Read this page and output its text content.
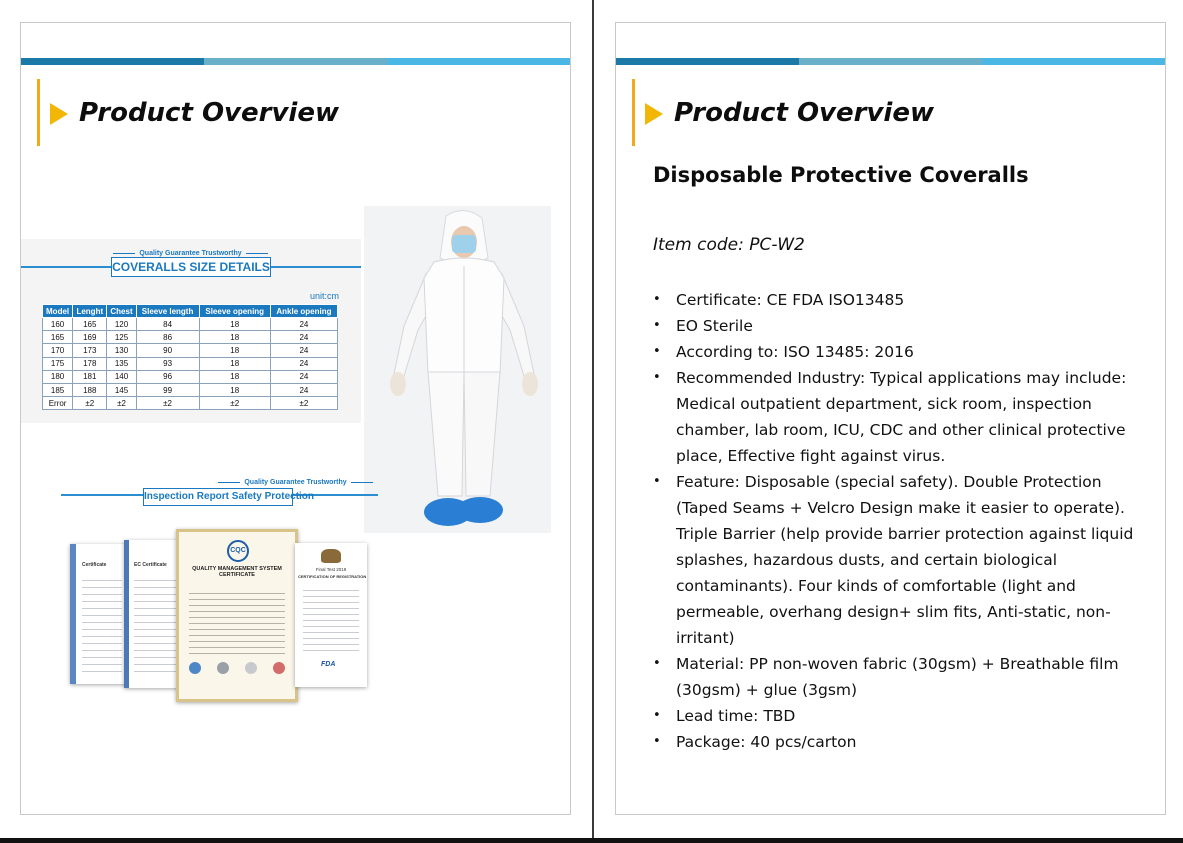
Product Overview
Quality Guarantee Trustworthy
COVERALLS SIZE DETAILS
unit:cm
Model	Lenght	Chest	Sleeve length	Sleeve opening	Ankle opening
160	165	120	84	18	24
165	169	125	86	18	24
170	173	130	90	18	24
175	178	135	93	18	24
180	181	140	96	18	24
185	188	145	99	18	24
Error	±2	±2	±2	±2	±2
Quality Guarantee Trustworthy
Inspection Report Safety Protection
Certificate	EC Certificate
CQC
QUALITY MANAGEMENT SYSTEM CERTIFICATE
Final Test 2019
CERTIFICATION OF REGISTRATION
FDA
Product Overview
Disposable Protective Coveralls
Item code: PC-W2
• Certificate: CE FDA ISO13485
• EO Sterile
• According to: ISO 13485: 2016
• Recommended Industry: Typical applications may include: Medical outpatient department, sick room, inspection chamber, lab room, ICU, CDC and other clinical protective place, Effective fight against virus.
• Feature: Disposable (special safety). Double Protection (Taped Seams + Velcro Design make it easier to operate). Triple Barrier (help provide barrier protection against liquid splashes, hazardous dusts, and certain biological contaminants). Four kinds of comfortable (light and permeable, overhang design+ slim fits, Anti-static, non-irritant)
• Material: PP non-woven fabric (30gsm) + Breathable film (30gsm) + glue (3gsm)
• Lead time: TBD
• Package: 40 pcs/carton
